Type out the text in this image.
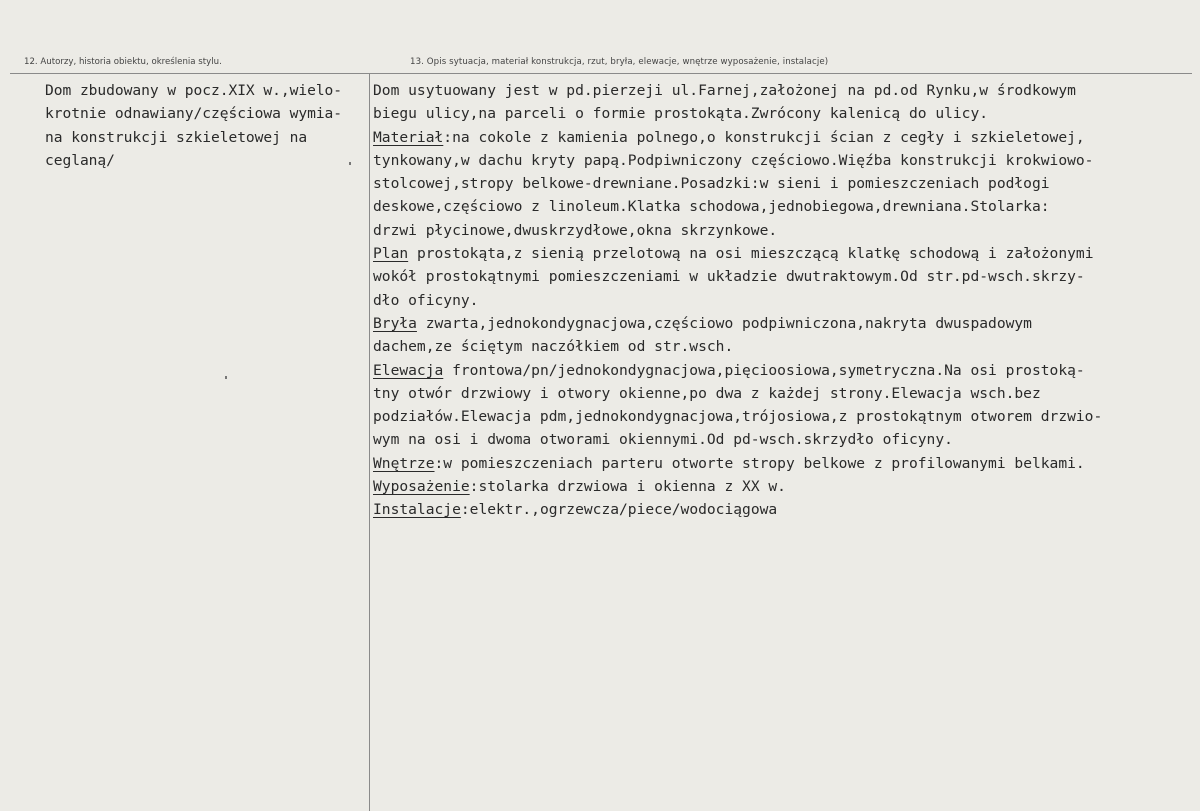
12. Autorzy, historia obiektu, określenia stylu.	13. Opis sytuacja, materiał konstrukcja, rzut, bryła, elewacje, wnętrze wyposażenie, instalacje)
Dom zbudowany w pocz.XIX w.,wielo-
krotnie odnawiany/częściowa wymia-
na konstrukcji szkieletowej na
ceglaną/
Dom usytuowany jest w pd.pierzeji ul.Farnej,założonej na pd.od Rynku,w środkowym
biegu ulicy,na parceli o formie prostokąta.Zwrócony kalenicą do ulicy.
Materiał:na cokole z kamienia polnego,o konstrukcji ścian z cegły i szkieletowej,
tynkowany,w dachu kryty papą.Podpiwniczony częściowo.Więźba konstrukcji krokwiowo-
stolcowej,stropy belkowe-drewniane.Posadzki:w sieni i pomieszczeniach podłogi
deskowe,częściowo z linoleum.Klatka schodowa,jednobiegowa,drewniana.Stolarka:
drzwi płycinowe,dwuskrzydłowe,okna skrzynkowe.
Plan prostokąta,z sienią przelotową na osi mieszczącą klatkę schodową i założonymi
wokół prostokątnymi pomieszczeniami w układzie dwutraktowym.Od str.pd-wsch.skrzy-
dło oficyny.
Bryła zwarta,jednokondygnacjowa,częściowo podpiwniczona,nakryta dwuspadowym
dachem,ze ściętym naczółkiem od str.wsch.
Elewacja frontowa/pn/jednokondygnacjowa,pięcioosiowa,symetryczna.Na osi prostoką-
tny otwór drzwiowy i otwory okienne,po dwa z każdej strony.Elewacja wsch.bez
podziałów.Elewacja pdm,jednokondygnacjowa,trójosiowa,z prostokątnym otworem drzwio-
wym na osi i dwoma otworami okiennymi.Od pd-wsch.skrzydło oficyny.
Wnętrze:w pomieszczeniach parteru otworte stropy belkowe z profilowanymi belkami.
Wyposażenie:stolarka drzwiowa i okienna z XX w.
Instalacje:elektr.,ogrzewcza/piece/wodociągowa
